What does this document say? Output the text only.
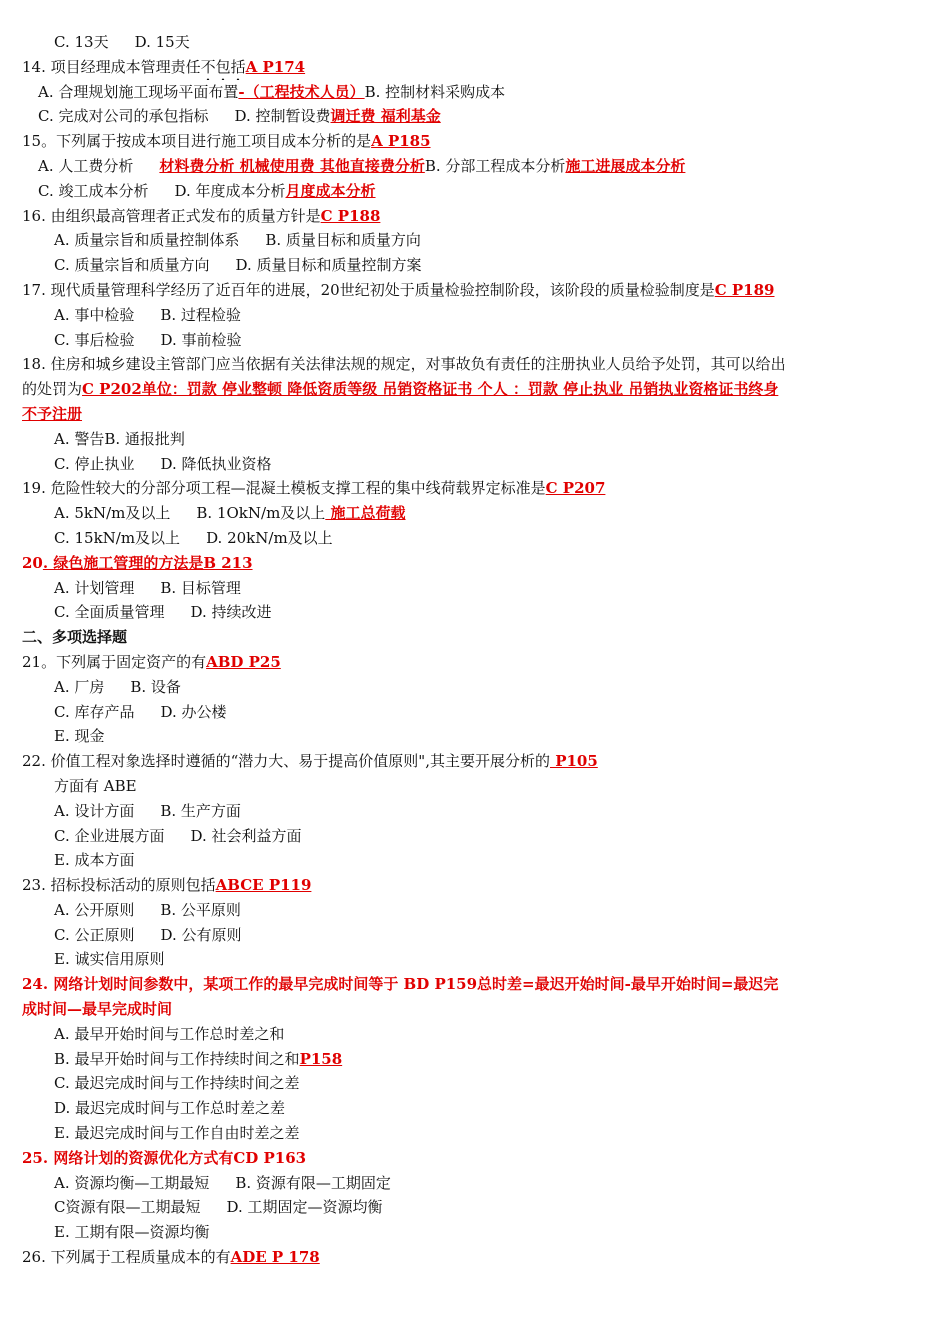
C. 13天 D. 15天
14. 项目经理成本管理责任不包括A P174
A. 合理规划施工现场平面布置-（工程技术人员）B. 控制材料采购成本
C. 完成对公司的承包指标 D. 控制暂设费调迁费 福利基金
15。下列属于按成本项目进行施工项目成本分析的是A P185
A. 人工费分析 材料费分析 机械使用费 其他直接费分析B. 分部工程成本分析施工进展成本分析
C. 竣工成本分析 D. 年度成本分析月度成本分析
16. 由组织最高管理者正式发布的质量方针是C P188
A. 质量宗旨和质量控制体系 B. 质量目标和质量方向
C. 质量宗旨和质量方向 D. 质量目标和质量控制方案
17. 现代质量管理科学经历了近百年的进展，20世纪初处于质量检验控制阶段，该阶段的质量检验制度是C P189
A. 事中检验 B. 过程检验
C. 事后检验 D. 事前检验
18. 住房和城乡建设主管部门应当依据有关法律法规的规定，对事故负有责任的注册执业人员给予处罚，其可以给出
的处罚为C P202单位：罚款 停业整顿 降低资质等级 吊销资格证书 个人 ：罚款 停止执业 吊销执业资格证书终身
不予注册
A. 警告B. 通报批判
C. 停止执业 D. 降低执业资格
19. 危险性较大的分部分项工程—混凝土模板支撑工程的集中线荷载界定标准是C P207
A. 5kN/m及以上 B. 1OkN/m及以上 施工总荷载
C. 15kN/m及以上 D. 20kN/m及以上
20. 绿色施工管理的方法是B 213
A. 计划管理 B. 目标管理
C. 全面质量管理 D. 持续改进
二、多项选择题
21。下列属于固定资产的有ABD P25
A. 厂房 B. 设备
C. 库存产品 D. 办公楼
E. 现金
22. 价值工程对象选择时遵循的“潜力大、易于提高价值原则",其主要开展分析的 P105
方面有 ABE
A. 设计方面 B. 生产方面
C. 企业进展方面 D. 社会利益方面
E. 成本方面
23. 招标投标活动的原则包括ABCE P119
A. 公开原则 B. 公平原则
C. 公正原则 D. 公有原则
E. 诚实信用原则
24. 网络计划时间参数中，某项工作的最早完成时间等于 BD P159总时差=最迟开始时间-最早开始时间=最迟完
成时间—最早完成时间
A. 最早开始时间与工作总时差之和
B. 最早开始时间与工作持续时间之和P158
C. 最迟完成时间与工作持续时间之差
D. 最迟完成时间与工作总时差之差
E. 最迟完成时间与工作自由时差之差
25. 网络计划的资源优化方式有CD P163
A. 资源均衡—工期最短 B. 资源有限—工期固定
C资源有限—工期最短 D. 工期固定—资源均衡
E. 工期有限—资源均衡
26. 下列属于工程质量成本的有ADE P 178
